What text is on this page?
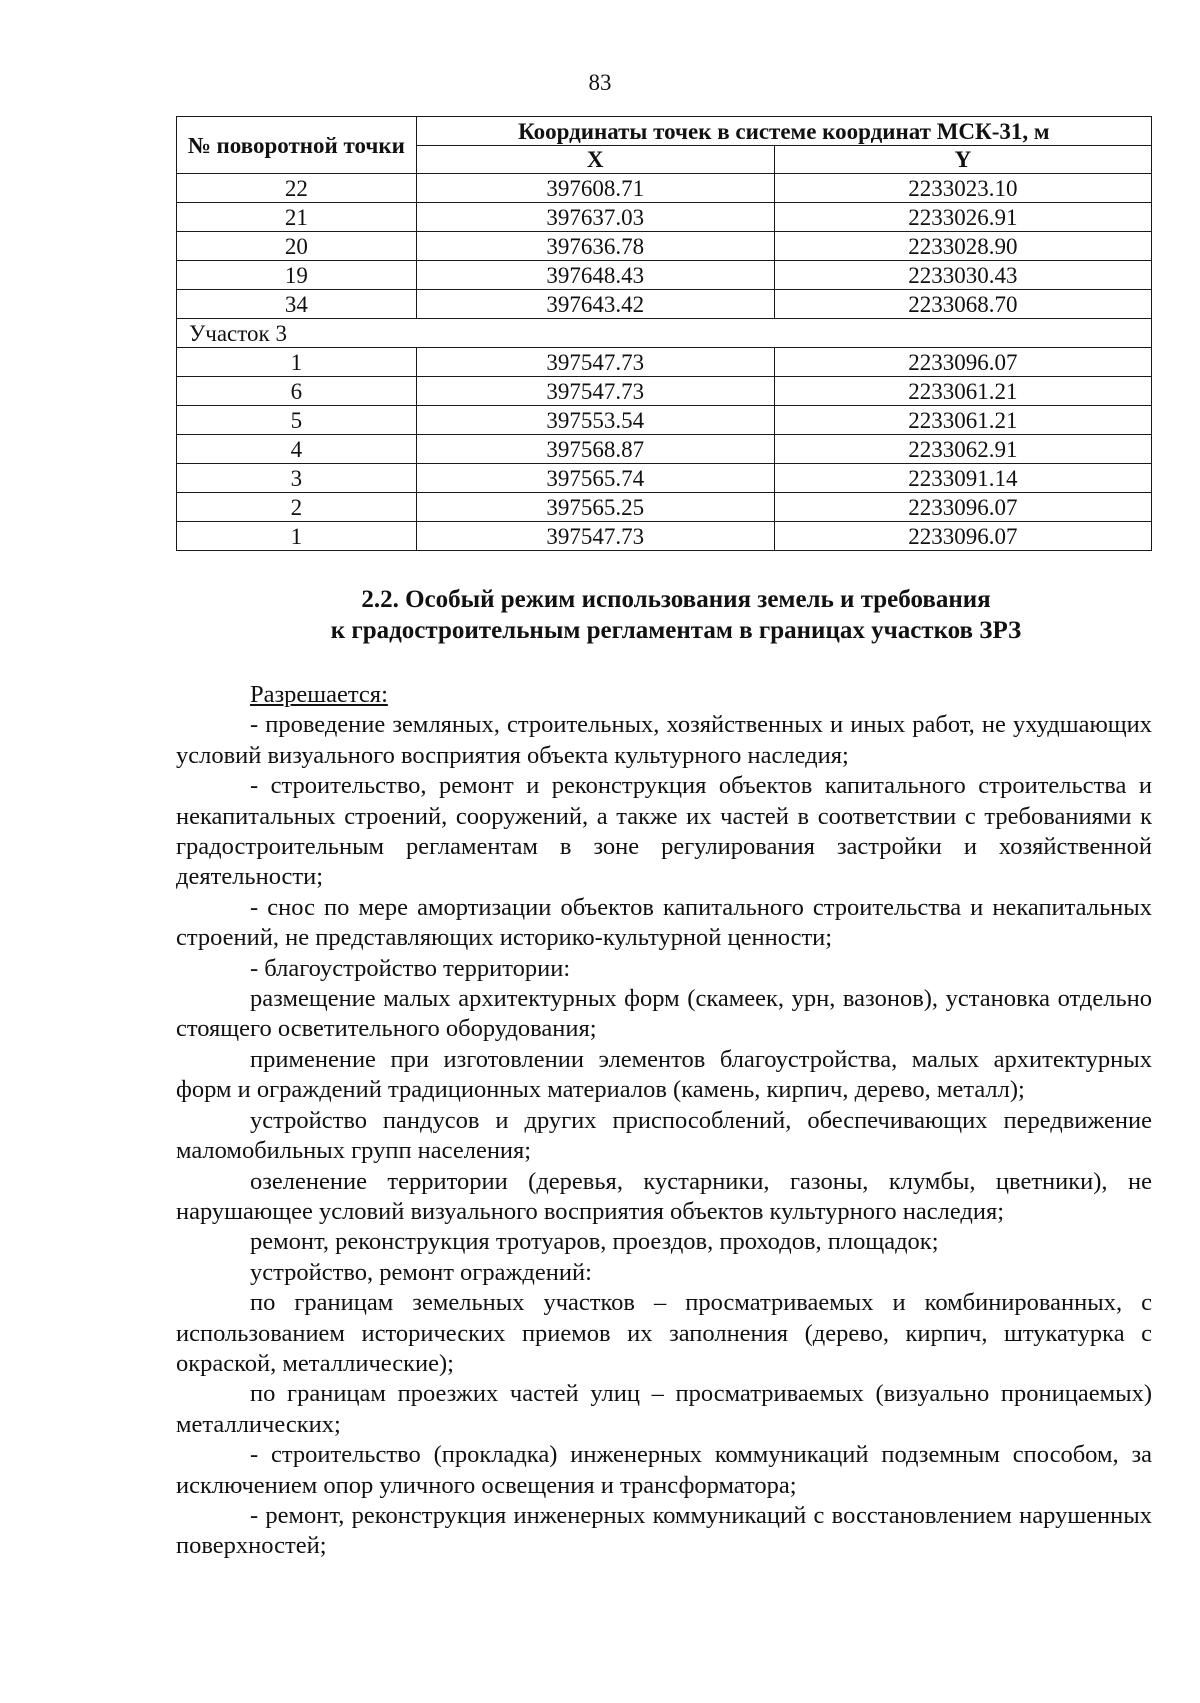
83
№ поворотной точки	Координаты точек в системе координат МСК-31, м	
	X	Y
22	397608.71	2233023.10
21	397637.03	2233026.91
20	397636.78	2233028.90
19	397648.43	2233030.43
34	397643.42	2233068.70
Участок 3		
1	397547.73	2233096.07
6	397547.73	2233061.21
5	397553.54	2233061.21
4	397568.87	2233062.91
3	397565.74	2233091.14
2	397565.25	2233096.07
1	397547.73	2233096.07
2.2. Особый режим использования земель и требования
к градостроительным регламентам в границах участков ЗРЗ

Разрешается:

- проведение земляных, строительных, хозяйственных и иных работ, не ухудшающих условий визуального восприятия объекта культурного наследия;

- строительство, ремонт и реконструкция объектов капитального строительства и некапитальных строений, сооружений, а также их частей в соответствии с требованиями к градостроительным регламентам в зоне регулирования застройки и хозяйственной деятельности;

- снос по мере амортизации объектов капитального строительства и некапитальных строений, не представляющих историко-культурной ценности;

- благоустройство территории:

размещение малых архитектурных форм (скамеек, урн, вазонов), установка отдельно стоящего осветительного оборудования;

применение при изготовлении элементов благоустройства, малых архитектурных форм и ограждений традиционных материалов (камень, кирпич, дерево, металл);

устройство пандусов и других приспособлений, обеспечивающих передвижение маломобильных групп населения;

озеленение территории (деревья, кустарники, газоны, клумбы, цветники), не нарушающее условий визуального восприятия объектов культурного наследия;

ремонт, реконструкция тротуаров, проездов, проходов, площадок;

устройство, ремонт ограждений:

по границам земельных участков – просматриваемых и комбинированных, с использованием исторических приемов их заполнения (дерево, кирпич, штукатурка с окраской, металлические);

по границам проезжих частей улиц – просматриваемых (визуально проницаемых) металлических;

- строительство (прокладка) инженерных коммуникаций подземным способом, за исключением опор уличного освещения и трансформатора;

- ремонт, реконструкция инженерных коммуникаций с восстановлением нарушенных поверхностей;
